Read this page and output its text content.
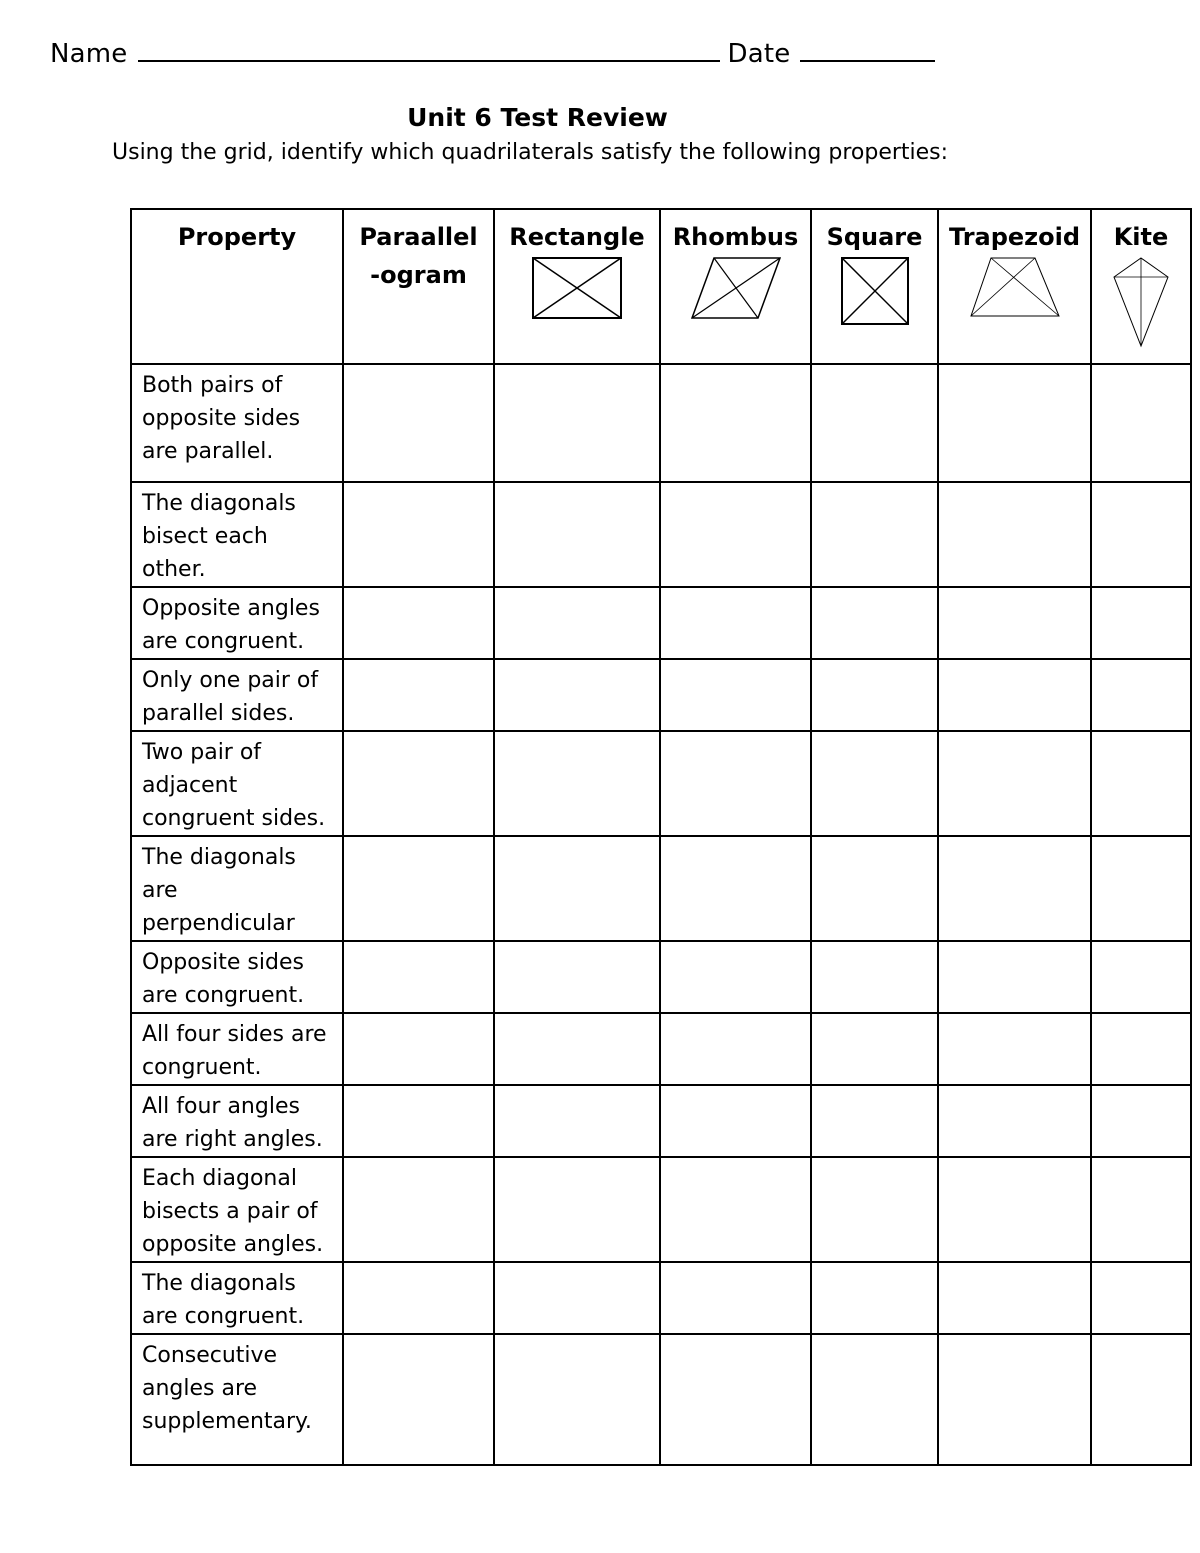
Name	Date
Unit 6 Test Review
Using the grid, identify which quadrilaterals satisfy the following properties:
Property	Paraallel-ogram	Rectangle	Rhombus	Square	Trapezoid	Kite

Both pairs of opposite sides are parallel.						
The diagonals bisect each other.						
Opposite angles are congruent.						
Only one pair of parallel sides.						
Two pair of adjacent congruent sides.						
The diagonals are perpendicular						
Opposite sides are congruent.						
All four sides are congruent.						
All four angles are right angles.						
Each diagonal bisects a pair of opposite angles.						
The diagonals are congruent.						
Consecutive angles are supplementary.						
